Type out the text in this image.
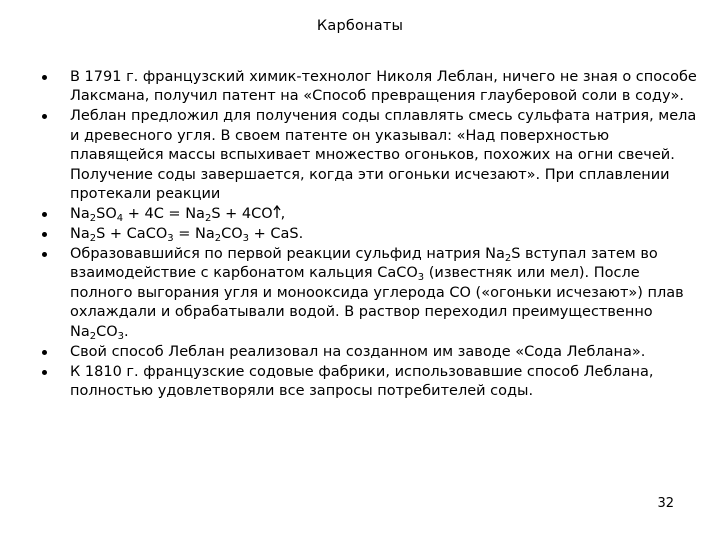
Карбонаты
В 1791 г. французский химик-технолог Николя Леблан, ничего не зная о способе Лаксмана, получил патент на «Способ превращения глауберовой соли в соду».
Леблан предложил для получения соды сплавлять смесь сульфата натрия, мела и древесного угля. В своем патенте он указывал: «Над поверхностью плавящейся массы вспыхивает множество огоньков, похожих на огни свечей. Получение соды завершается, когда эти огоньки исчезают». При сплавлении протекали реакции
$Na_2SO_4 + 4C = Na_2S + 4CO$ ,
$Na_2S$ + CaCO$_3$ = $Na_2CO_3$ + CaS.
Образовавшийся по первой реакции сульфид натрия $Na_2S$ вступал затем во взаимодействие с карбонатом кальция CaCO$_3$ (известняк или мел). После полного выгорания угля и монооксида углерода CO («огоньки исчезают») плав охлаждали и обрабатывали водой. В раствор переходил преимущественно $Na_2CO_3$.
Свой способ Леблан реализовал на созданном им заводе «Сода Леблана».
К 1810 г. французские содовые фабрики, использовавшие способ Леблана, полностью удовлетворяли все запросы потребителей соды.
32
